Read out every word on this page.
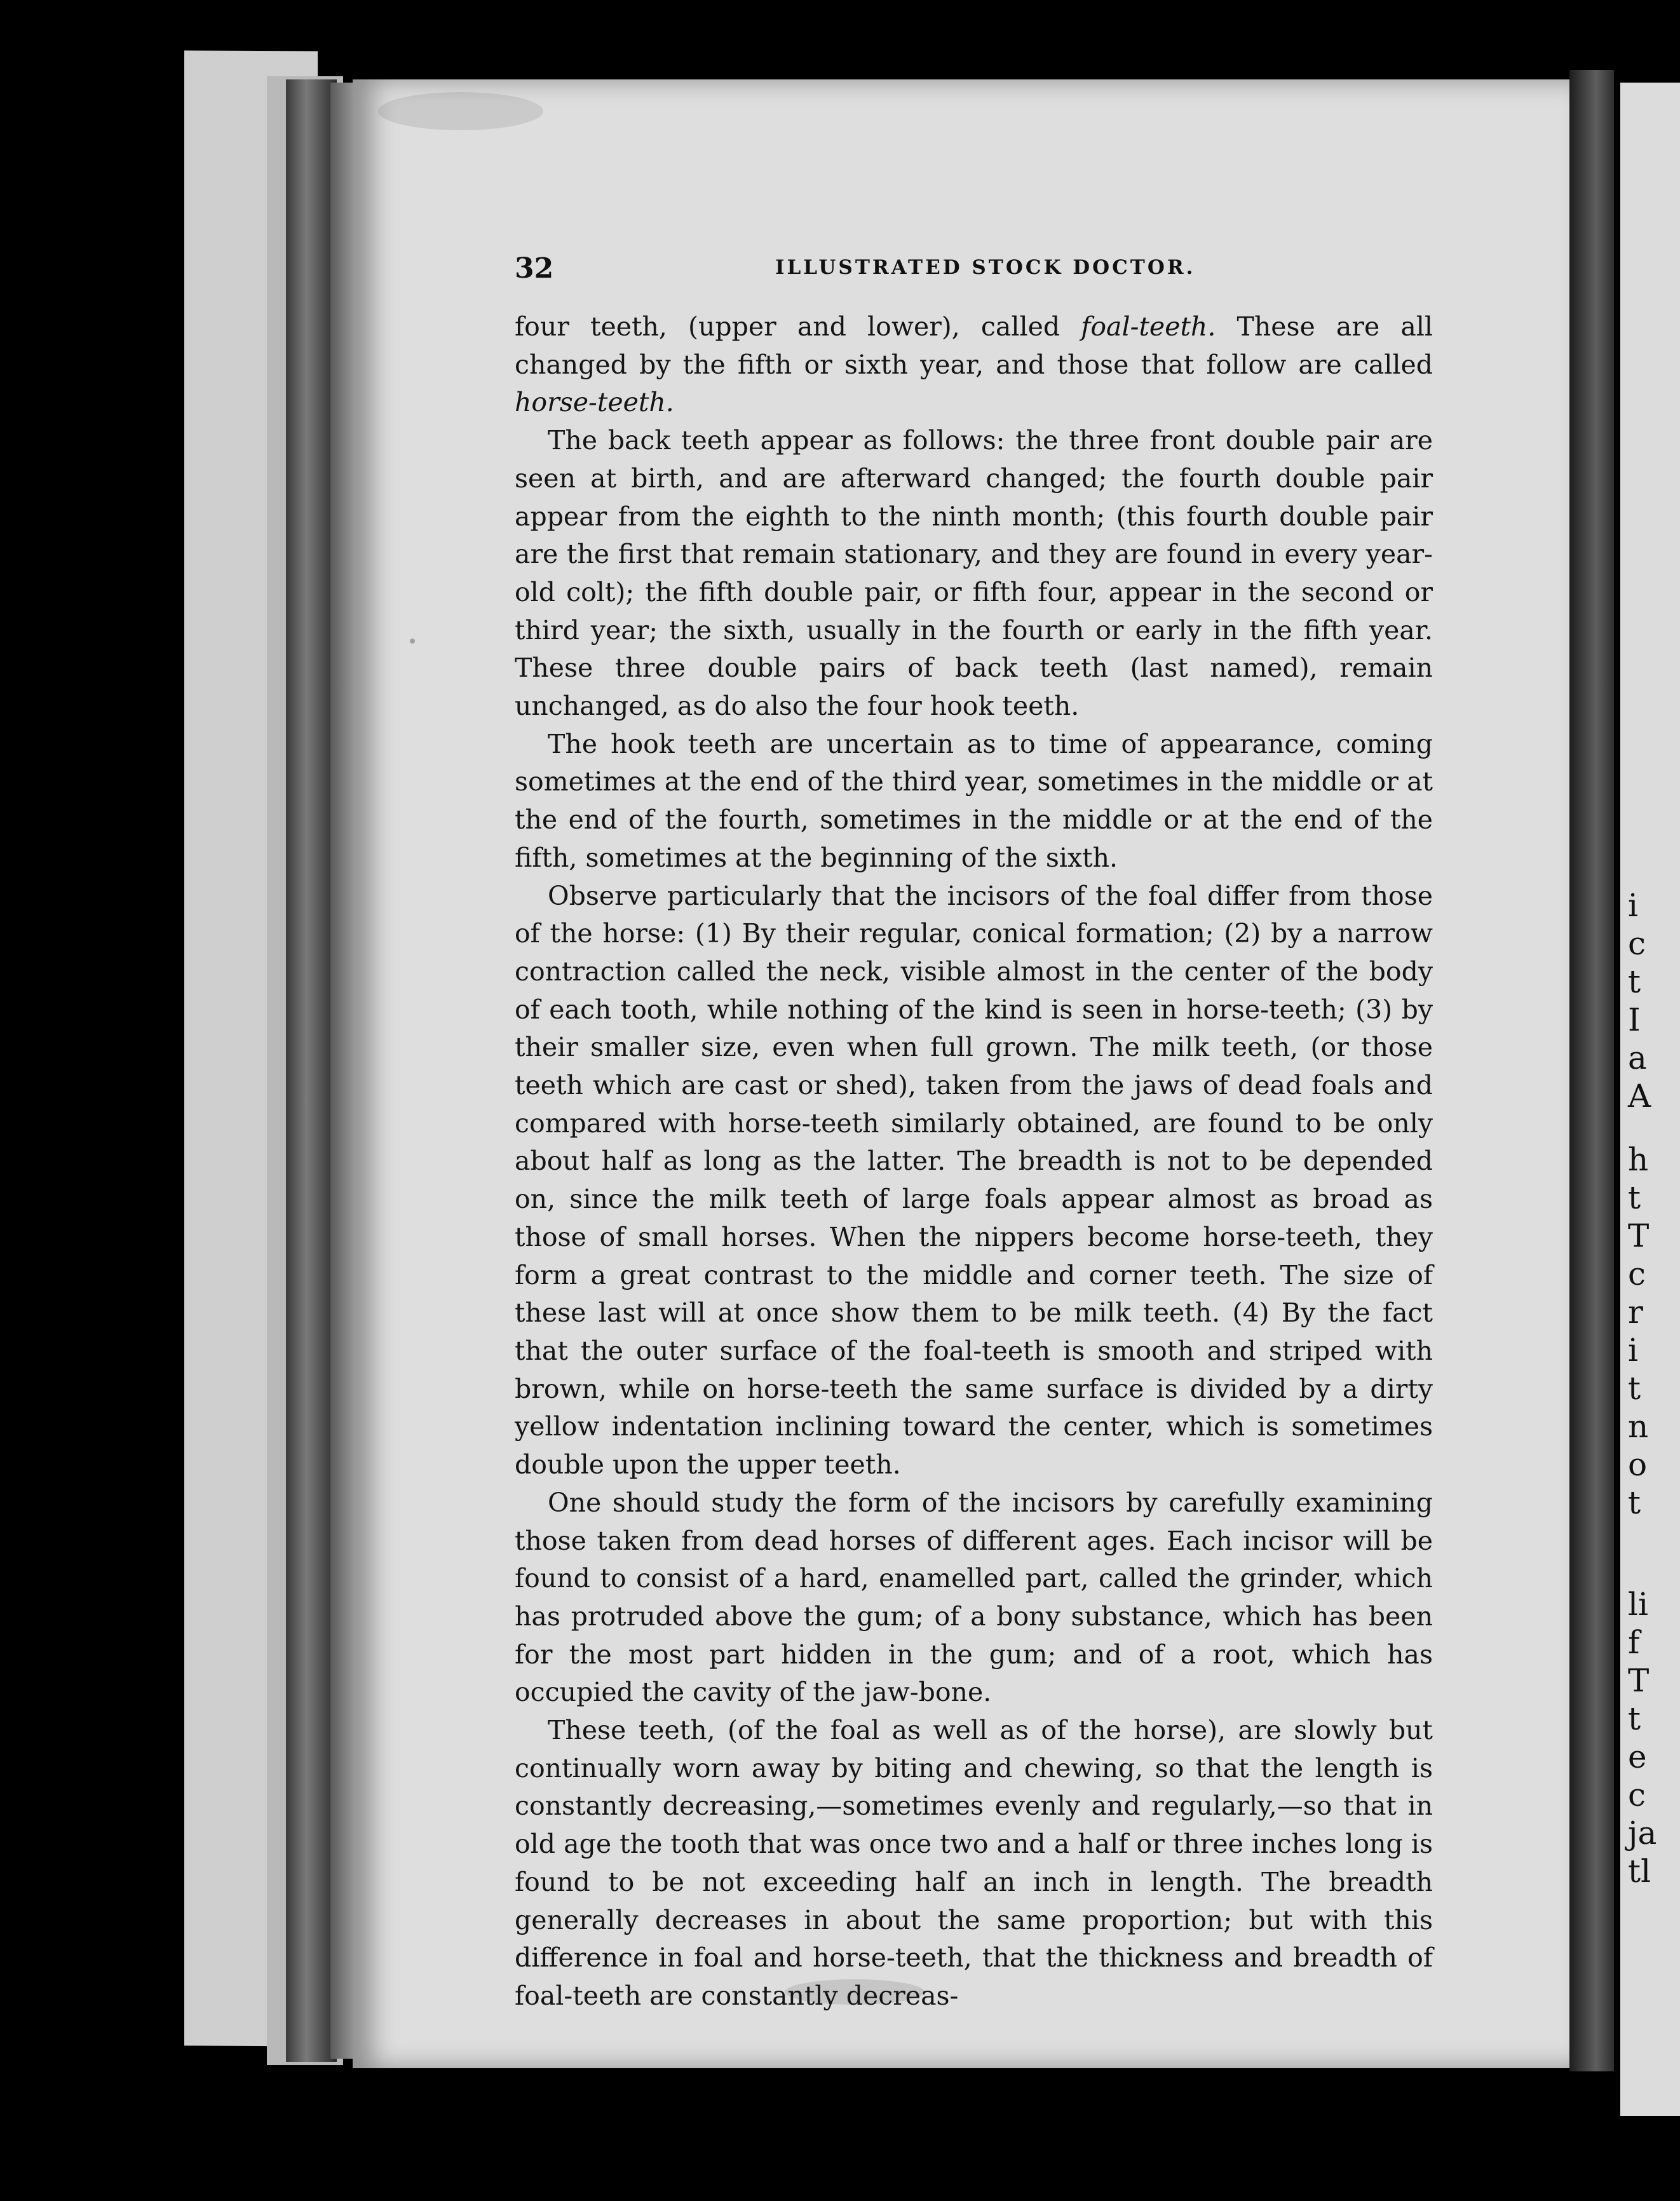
32	ILLUSTRATED STOCK DOCTOR.

four teeth, (upper and lower), called foal-teeth. These are all changed by the fifth or sixth year, and those that follow are called horse-teeth.

The back teeth appear as follows: the three front double pair are seen at birth, and are afterward changed; the fourth double pair appear from the eighth to the ninth month; (this fourth double pair are the first that remain stationary, and they are found in every year-old colt); the fifth double pair, or fifth four, appear in the second or third year; the sixth, usually in the fourth or early in the fifth year. These three double pairs of back teeth (last named), remain unchanged, as do also the four hook teeth.

The hook teeth are uncertain as to time of appearance, coming sometimes at the end of the third year, sometimes in the middle or at the end of the fourth, sometimes in the middle or at the end of the fifth, sometimes at the beginning of the sixth.

Observe particularly that the incisors of the foal differ from those of the horse: (1) By their regular, conical formation; (2) by a narrow contraction called the neck, visible almost in the center of the body of each tooth, while nothing of the kind is seen in horse-teeth; (3) by their smaller size, even when full grown. The milk teeth, (or those teeth which are cast or shed), taken from the jaws of dead foals and compared with horse-teeth similarly obtained, are found to be only about half as long as the latter. The breadth is not to be depended on, since the milk teeth of large foals appear almost as broad as those of small horses. When the nippers become horse-teeth, they form a great contrast to the middle and corner teeth. The size of these last will at once show them to be milk teeth. (4) By the fact that the outer surface of the foal-teeth is smooth and striped with brown, while on horse-teeth the same surface is divided by a dirty yellow indentation inclining toward the center, which is sometimes double upon the upper teeth.

One should study the form of the incisors by carefully examining those taken from dead horses of different ages. Each incisor will be found to consist of a hard, enamelled part, called the grinder, which has protruded above the gum; of a bony substance, which has been for the most part hidden in the gum; and of a root, which has occupied the cavity of the jaw-bone.

These teeth, (of the foal as well as of the horse), are slowly but continually worn away by biting and chewing, so that the length is constantly decreasing,—sometimes evenly and regularly,—so that in old age the tooth that was once two and a half or three inches long is found to be not exceeding half an inch in length. The breadth generally decreases in about the same proportion; but with this difference in foal and horse-teeth, that the thickness and breadth of foal-teeth are constantly decreas-

i
c
t
I
a
A
h
t
T
c
r
i
t
n
o
t
li
f
T
t
e
c
ja
tl
